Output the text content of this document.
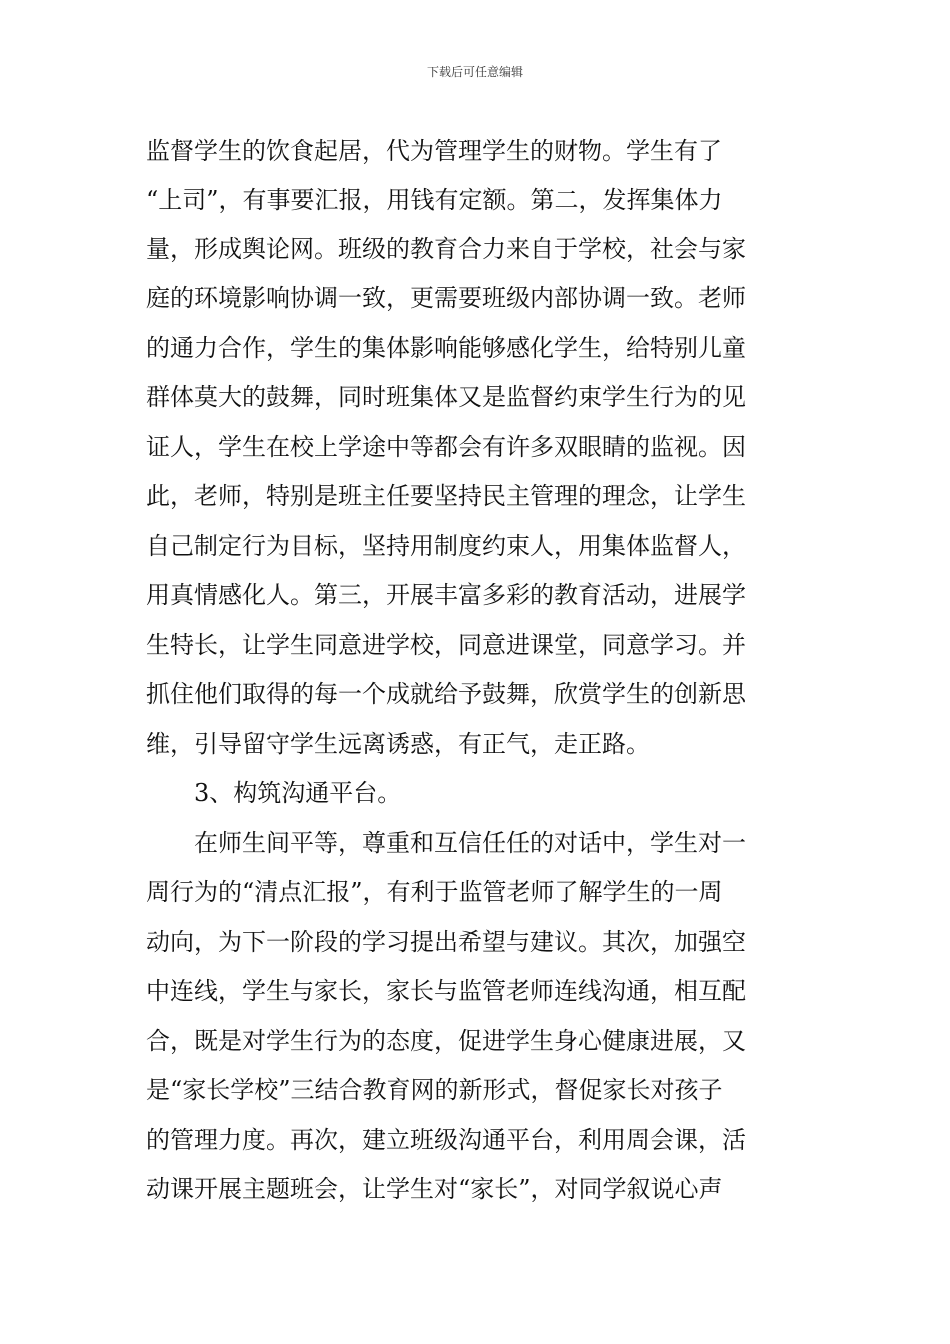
下载后可任意编辑
监督学生的饮食起居，代为管理学生的财物。学生有了
“上司”，有事要汇报，用钱有定额。第二，发挥集体力
量，形成舆论网。班级的教育合力来自于学校，社会与家
庭的环境影响协调一致，更需要班级内部协调一致。老师
的通力合作，学生的集体影响能够感化学生，给特别儿童
群体莫大的鼓舞，同时班集体又是监督约束学生行为的见
证人，学生在校上学途中等都会有许多双眼睛的监视。因
此，老师，特别是班主任要坚持民主管理的理念，让学生
自己制定行为目标，坚持用制度约束人，用集体监督人，
用真情感化人。第三，开展丰富多彩的教育活动，进展学
生特长，让学生同意进学校，同意进课堂，同意学习。并
抓住他们取得的每一个成就给予鼓舞，欣赏学生的创新思
维，引导留守学生远离诱惑，有正气，走正路。
3、构筑沟通平台。
在师生间平等，尊重和互信任任的对话中，学生对一
周行为的“清点汇报”，有利于监管老师了解学生的一周
动向，为下一阶段的学习提出希望与建议。其次，加强空
中连线，学生与家长，家长与监管老师连线沟通，相互配
合，既是对学生行为的态度，促进学生身心健康进展，又
是“家长学校”三结合教育网的新形式，督促家长对孩子
的管理力度。再次，建立班级沟通平台，利用周会课，活
动课开展主题班会，让学生对“家长”，对同学叙说心声
